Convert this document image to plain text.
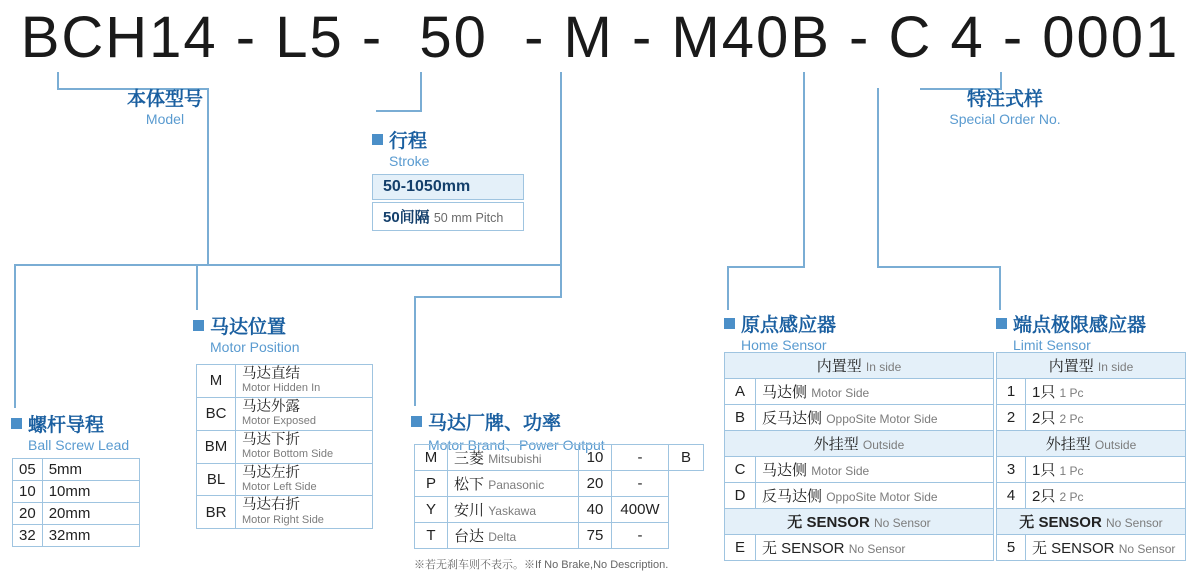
BCH14 - L5 -  50  - M - M40B - C 4 - 0001
本体型号
Model
特注式样
Special Order No.
行程
Stroke
马达位置
Motor Position
螺杆导程
Ball Screw Lead
马达厂牌、功率
Motor Brand、Power Output
原点感应器
Home Sensor
端点极限感应器
Limit Sensor
50-1050mm
50间隔 50 mm Pitch
05	5mm
10	10mm
20	20mm
32	32mm
M	马达直结
Motor Hidden In

BC	马达外露
Motor Exposed

BM	马达下折
Motor Bottom Side

BL	马达左折
Motor Left Side

BR	马达右折
Motor Right Side
M	三菱 Mitsubishi	10	-	B
P	松下 Panasonic	20	-	
Y	安川 Yaskawa	40	400W	
T	台达 Delta	75	-	
※若无刹车则不表示。※If No Brake,No Description.
内置型 In side	
A	马达侧 Motor Side
B	反马达侧 OppoSite Motor Side
外挂型 Outside	
C	马达侧 Motor Side
D	反马达侧 OppoSite Motor Side
无 SENSOR No Sensor	
E	无 SENSOR No Sensor
内置型 In side	
1	1只 1 Pc
2	2只 2 Pc
外挂型 Outside	
3	1只 1 Pc
4	2只 2 Pc
无 SENSOR No Sensor	
5	无 SENSOR No Sensor
